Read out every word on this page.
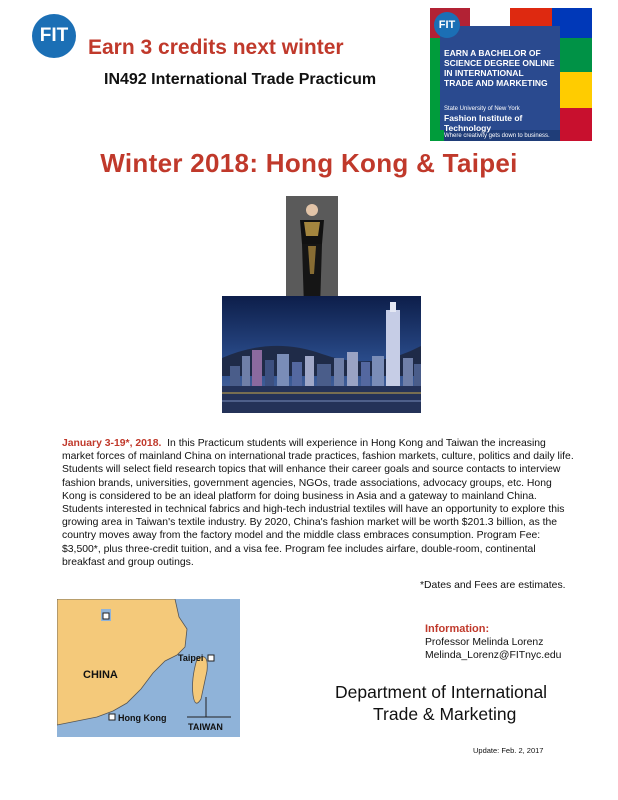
FIT
Earn 3 credits next winter
IN492 International Trade Practicum
FIT
EARN A BACHELOR OF
SCIENCE DEGREE ONLINE
IN INTERNATIONAL
TRADE AND MARKETING
State University of New York
Fashion Institute of Technology
Where creativity gets down to business.
Winter 2018: Hong Kong & Taipei
January 3-19*, 2018. In this Practicum students will experience in Hong Kong and Taiwan the increasing market forces of mainland China on international trade practices, fashion markets, culture, politics and daily life. Students will select field research topics that will enhance their career goals and source contacts to interview fashion brands, universities, government agencies, NGOs, trade associations, advocacy groups, etc. Hong Kong is considered to be an ideal platform for doing business in Asia and a gateway to mainland China. Students interested in technical fabrics and high-tech industrial textiles will have an opportunity to explore this growing area in Taiwan's textile industry. By 2020, China's fashion market will be worth $201.3 billion, as the country moves away from the factory model and the middle class embraces consumption. Program Fee: $3,500*, plus three-credit tuition, and a visa fee. Program fee includes airfare, double-room, continental breakfast and group outings.
*Dates and Fees are estimates.
CHINA
Taipei
Hong Kong
TAIWAN
Information:
Professor Melinda Lorenz
Melinda_Lorenz@FITnyc.edu
Department of International
Trade & Marketing
Update: Feb. 2, 2017
